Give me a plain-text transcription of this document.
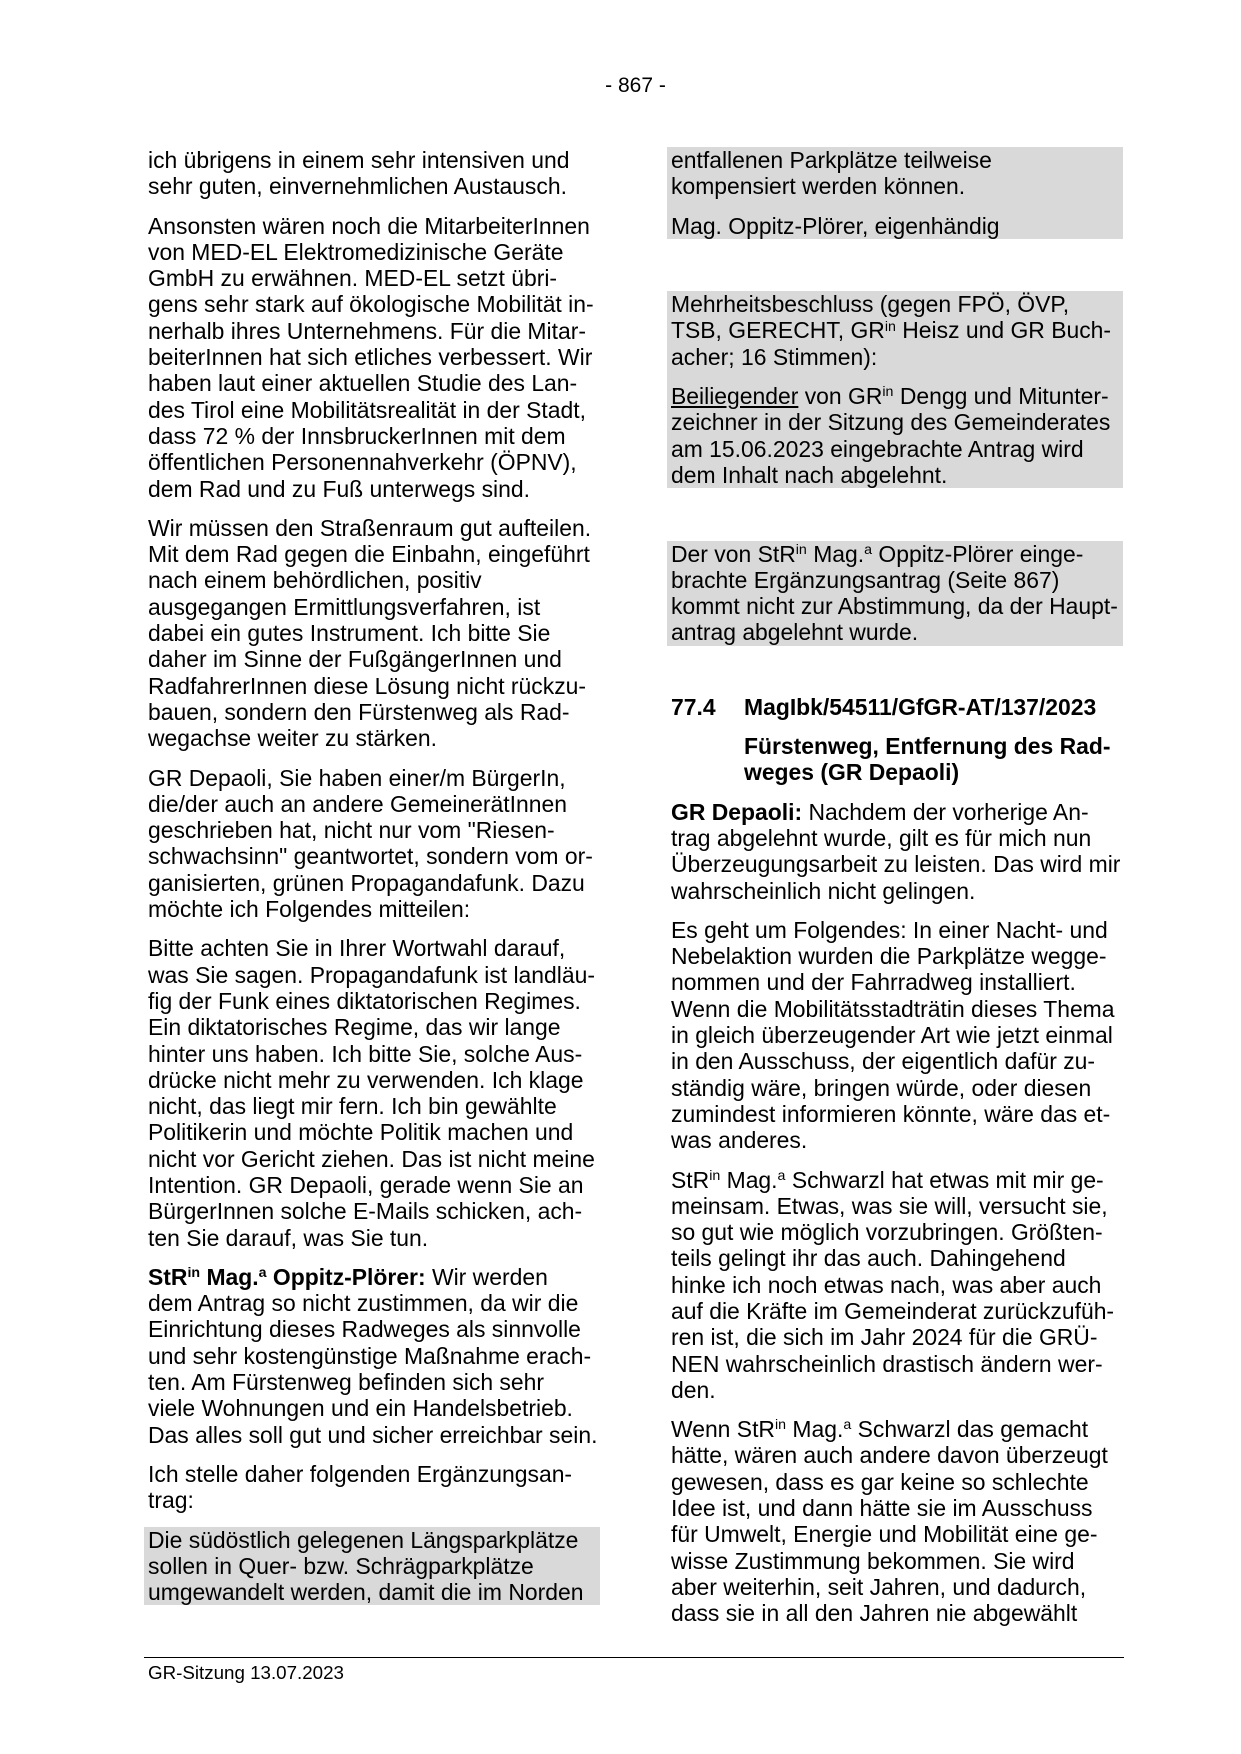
- 867 -
ich übrigens in einem sehr intensiven und
sehr guten, einvernehmlichen Austausch.
Ansonsten wären noch die MitarbeiterInnen
von MED-EL Elektromedizinische Geräte
GmbH zu erwähnen. MED-EL setzt übri-
gens sehr stark auf ökologische Mobilität in-
nerhalb ihres Unternehmens. Für die Mitar-
beiterInnen hat sich etliches verbessert. Wir
haben laut einer aktuellen Studie des Lan-
des Tirol eine Mobilitätsrealität in der Stadt,
dass 72 % der InnsbruckerInnen mit dem
öffentlichen Personennahverkehr (ÖPNV),
dem Rad und zu Fuß unterwegs sind.
Wir müssen den Straßenraum gut aufteilen.
Mit dem Rad gegen die Einbahn, eingeführt
nach einem behördlichen, positiv
ausgegangen Ermittlungsverfahren, ist
dabei ein gutes Instrument. Ich bitte Sie
daher im Sinne der FußgängerInnen und
RadfahrerInnen diese Lösung nicht rückzu-
bauen, sondern den Fürstenweg als Rad-
wegachse weiter zu stärken.
GR Depaoli, Sie haben einer/m BürgerIn,
die/der auch an andere GemeinerätInnen
geschrieben hat, nicht nur vom "Riesen-
schwachsinn" geantwortet, sondern vom or-
ganisierten, grünen Propagandafunk. Dazu
möchte ich Folgendes mitteilen:
Bitte achten Sie in Ihrer Wortwahl darauf,
was Sie sagen. Propagandafunk ist landläu-
fig der Funk eines diktatorischen Regimes.
Ein diktatorisches Regime, das wir lange
hinter uns haben. Ich bitte Sie, solche Aus-
drücke nicht mehr zu verwenden. Ich klage
nicht, das liegt mir fern. Ich bin gewählte
Politikerin und möchte Politik machen und
nicht vor Gericht ziehen. Das ist nicht meine
Intention. GR Depaoli, gerade wenn Sie an
BürgerInnen solche E-Mails schicken, ach-
ten Sie darauf, was Sie tun.
StR$^{in}$ Mag.$^a$ Oppitz-Plörer: Wir werden
dem Antrag so nicht zustimmen, da wir die
Einrichtung dieses Radweges als sinnvolle
und sehr kostengünstige Maßnahme erach-
ten. Am Fürstenweg befinden sich sehr
viele Wohnungen und ein Handelsbetrieb.
Das alles soll gut und sicher erreichbar sein.
Ich stelle daher folgenden Ergänzungsan-
trag:
Die südöstlich gelegenen Längsparkplätze
sollen in Quer- bzw. Schrägparkplätze
umgewandelt werden, damit die im Norden
entfallenen Parkplätze teilweise
kompensiert werden können.
Mag. Oppitz-Plörer, eigenhändig
Mehrheitsbeschluss (gegen FPÖ, ÖVP,
TSB, GERECHT, $GR^{in}$ Heisz und GR Buch-
acher; 16 Stimmen):
Beiliegender von $GR^{in}$ Dengg und Mitunter-
zeichner in der Sitzung des Gemeinderates
am 15.06.2023 eingebrachte Antrag wird
dem Inhalt nach abgelehnt.
Der von StR$^{in}$ Mag.$^a$ Oppitz-Plörer einge-
brachte Ergänzungsantrag (Seite 867)
kommt nicht zur Abstimmung, da der Haupt-
antrag abgelehnt wurde.
77.4 MagIbk/54511/GfGR-AT/137/2023
Fürstenweg, Entfernung des Rad-
weges (GR Depaoli)
GR Depaoli: Nachdem der vorherige An-
trag abgelehnt wurde, gilt es für mich nun
Überzeugungsarbeit zu leisten. Das wird mir
wahrscheinlich nicht gelingen.
Es geht um Folgendes: In einer Nacht- und
Nebelaktion wurden die Parkplätze wegge-
nommen und der Fahrradweg installiert.
Wenn die Mobilitätsstadträtin dieses Thema
in gleich überzeugender Art wie jetzt einmal
in den Ausschuss, der eigentlich dafür zu-
ständig wäre, bringen würde, oder diesen
zumindest informieren könnte, wäre das et-
was anderes.
StR$^{in}$ Mag.$^a$ Schwarzl hat etwas mit mir ge-
meinsam. Etwas, was sie will, versucht sie,
so gut wie möglich vorzubringen. Größten-
teils gelingt ihr das auch. Dahingehend
hinke ich noch etwas nach, was aber auch
auf die Kräfte im Gemeinderat zurückzufüh-
ren ist, die sich im Jahr 2024 für die GRÜ-
NEN wahrscheinlich drastisch ändern wer-
den.
Wenn StR$^{in}$ Mag.$^a$ Schwarzl das gemacht
hätte, wären auch andere davon überzeugt
gewesen, dass es gar keine so schlechte
Idee ist, und dann hätte sie im Ausschuss
für Umwelt, Energie und Mobilität eine ge-
wisse Zustimmung bekommen. Sie wird
aber weiterhin, seit Jahren, und dadurch,
dass sie in all den Jahren nie abgewählt
GR-Sitzung 13.07.2023
